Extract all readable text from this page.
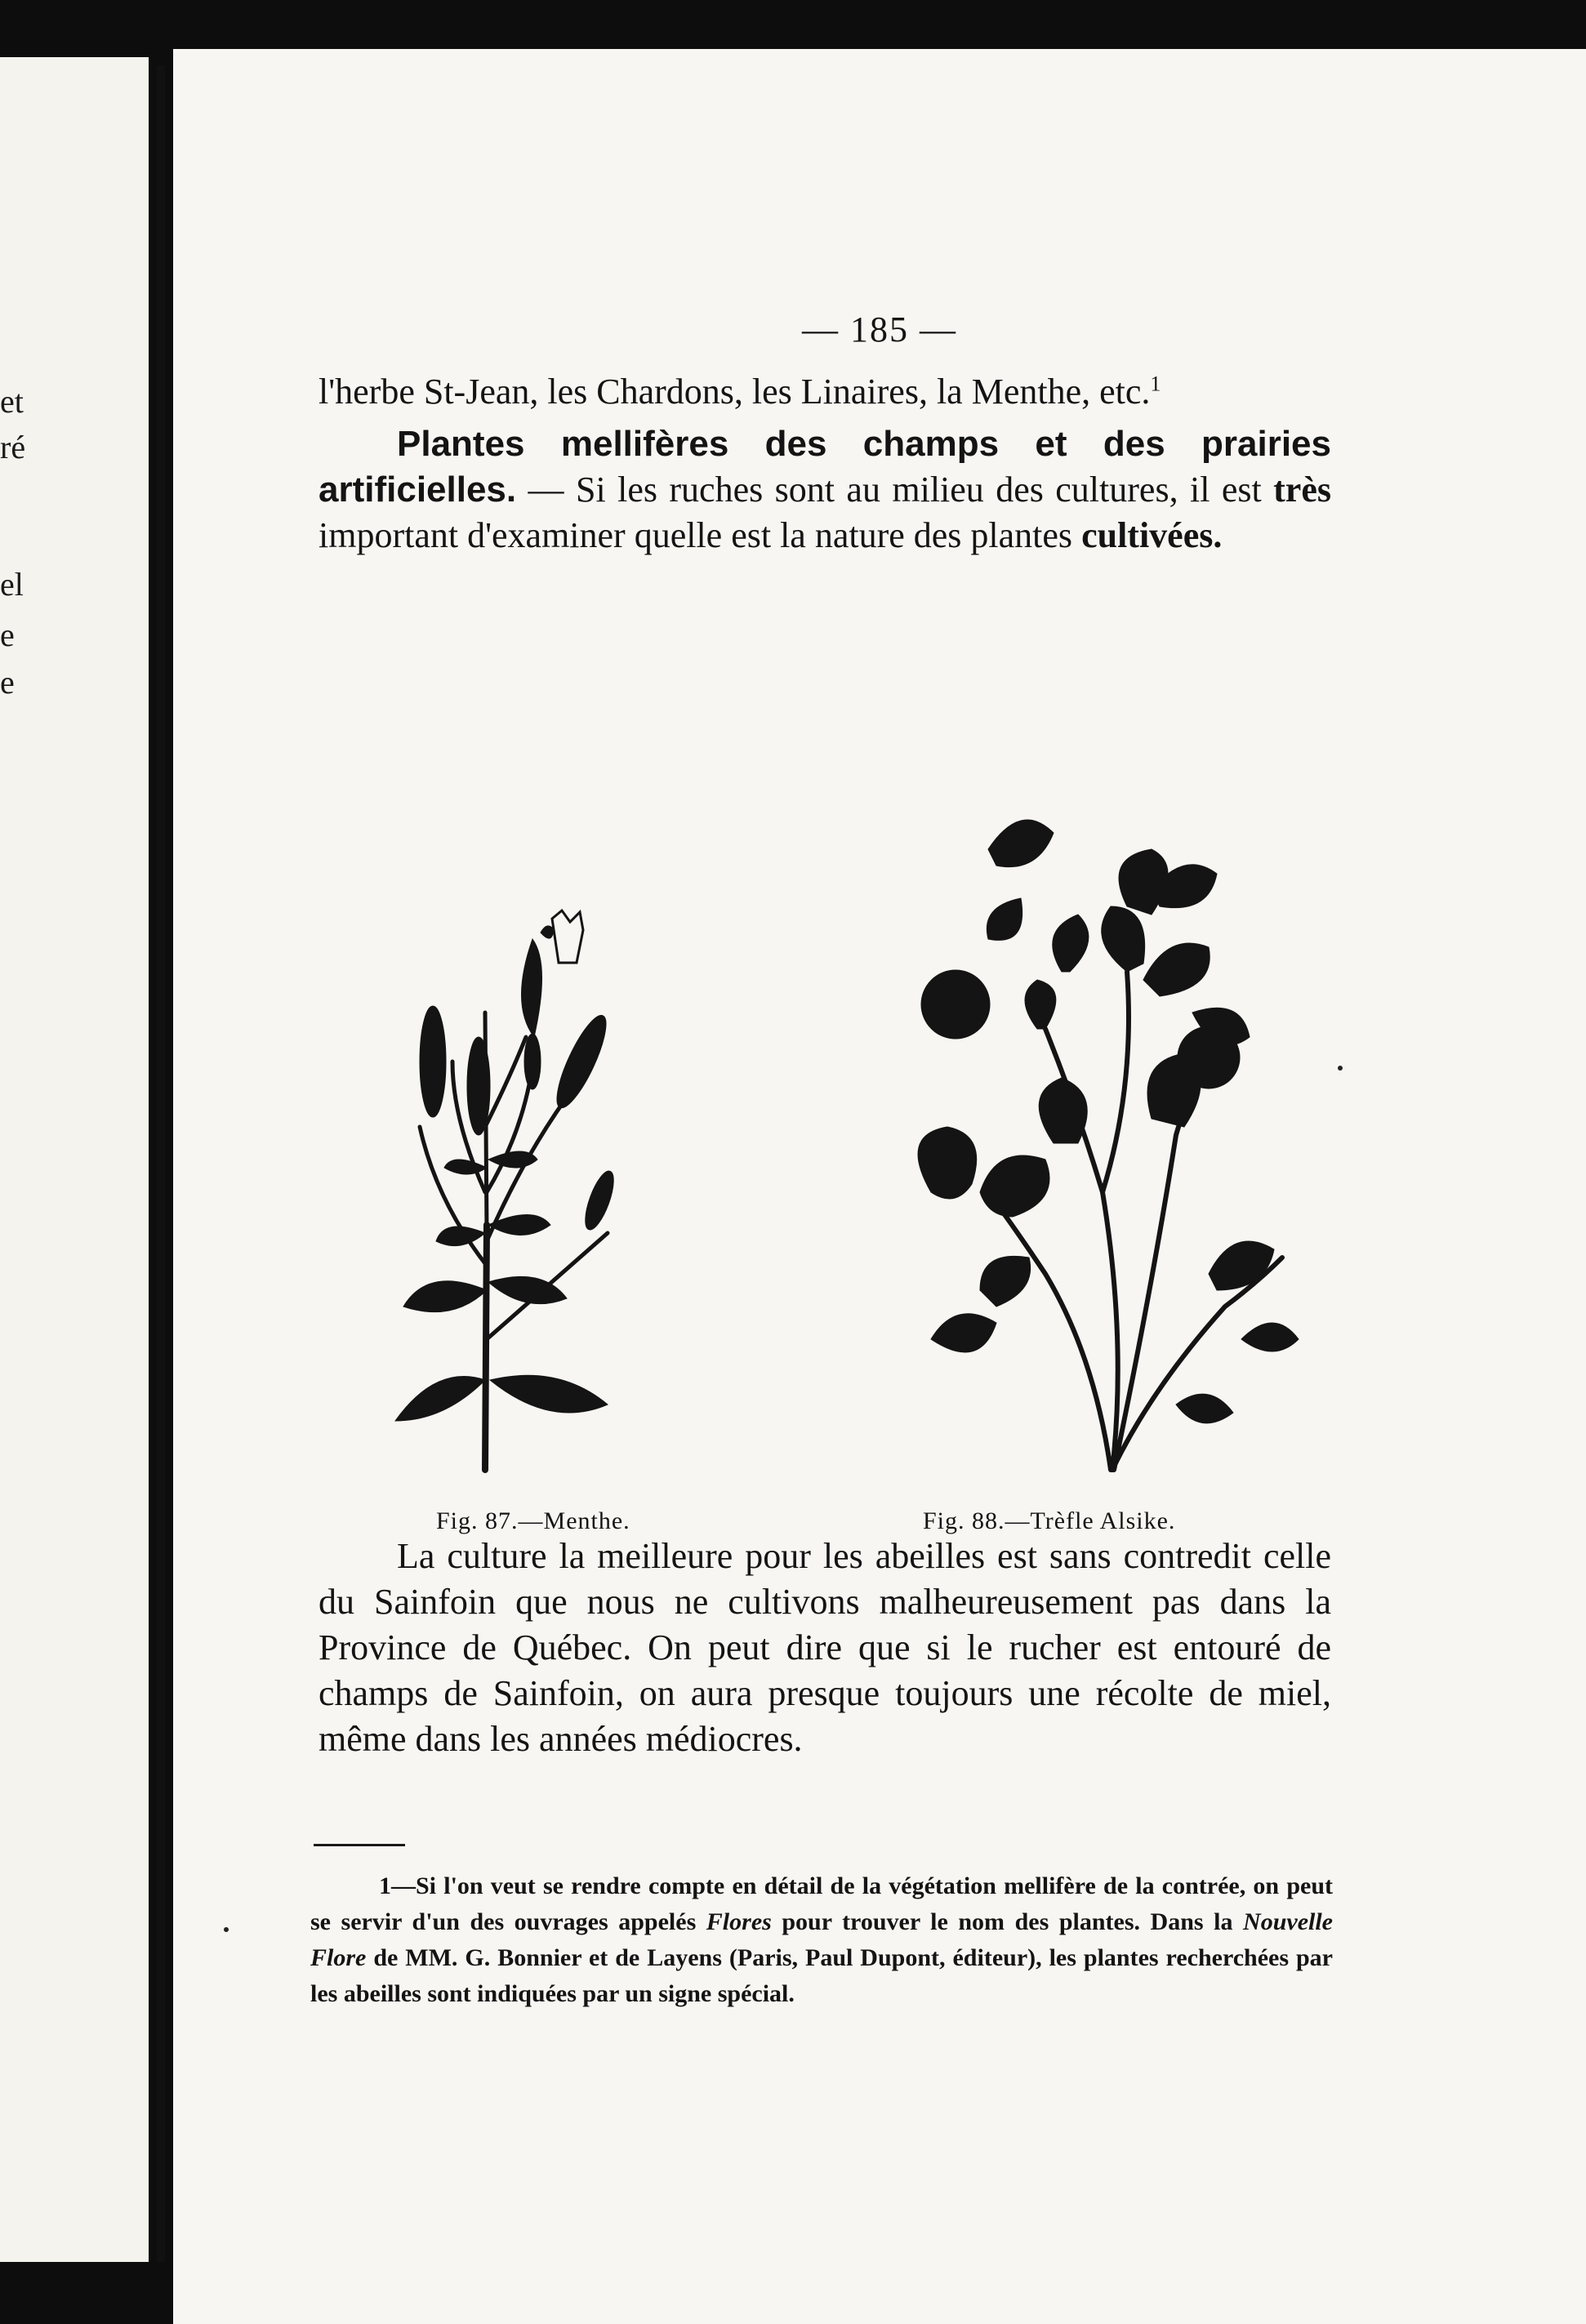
et
ré
el
e
e
— 185 —

l'herbe St-Jean, les Chardons, les Linaires, la Menthe, etc.$^1$

Plantes mellifères des champs et des prairies artificielles. — Si les ruches sont au milieu des cultures, il est très important d'examiner quelle est la nature des plantes cultivées.

Fig. 87.—Menthe.	Fig. 88.—Trèfle Alsike.

La culture la meilleure pour les abeilles est sans contredit celle du Sainfoin que nous ne cultivons malheureusement pas dans la Province de Québec. On peut dire que si le rucher est entouré de champs de Sainfoin, on aura presque toujours une récolte de miel, même dans les années médiocres.

1—Si l'on veut se rendre compte en détail de la végétation mellifère de la contrée, on peut se servir d'un des ouvrages appelés Flores pour trouver le nom des plantes. Dans la Nouvelle Flore de MM. G. Bonnier et de Layens (Paris, Paul Dupont, éditeur), les plantes recherchées par les abeilles sont indiquées par un signe spécial.
